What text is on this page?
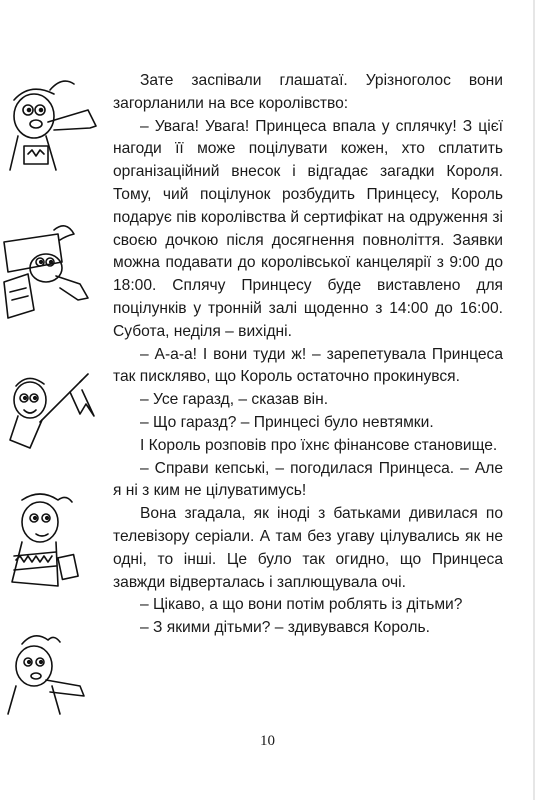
Зате заспівали глашатаї. Урізноголос вони загорланили на все королівство:

– Увага! Увага! Принцеса впала у сплячку! З цієї нагоди її може поцілувати кожен, хто сплатить організаційний внесок і відгадає загадки Короля. Тому, чий поцілунок розбудить Принцесу, Король подарує пів королівства й сертифікат на одруження зі своєю дочкою після досягнення повноліття. Заявки можна подавати до королівської канцелярії з 9:00 до 18:00. Сплячу Принцесу буде виставлено для поцілунків у тронній залі щоденно з 14:00 до 16:00. Субота, неділя – вихідні.

– А-а-а! І вони туди ж! – зарепетувала Принцеса так пискляво, що Король остаточно прокинувся.

– Усе гаразд, – сказав він.

– Що гаразд? – Принцесі було невтямки.

І Король розповів про їхнє фінансове становище.

– Справи кепські, – погодилася Принцеса. – Але я ні з ким не цілуватимусь!

Вона згадала, як іноді з батьками дивилася по телевізору серіали. А там без угаву цілувались як не одні, то інші. Це було так огидно, що Принцеса завжди відверталась і заплющувала очі.

– Цікаво, а що вони потім роблять із дітьми?

– З якими дітьми? – здивувався Король.

10
